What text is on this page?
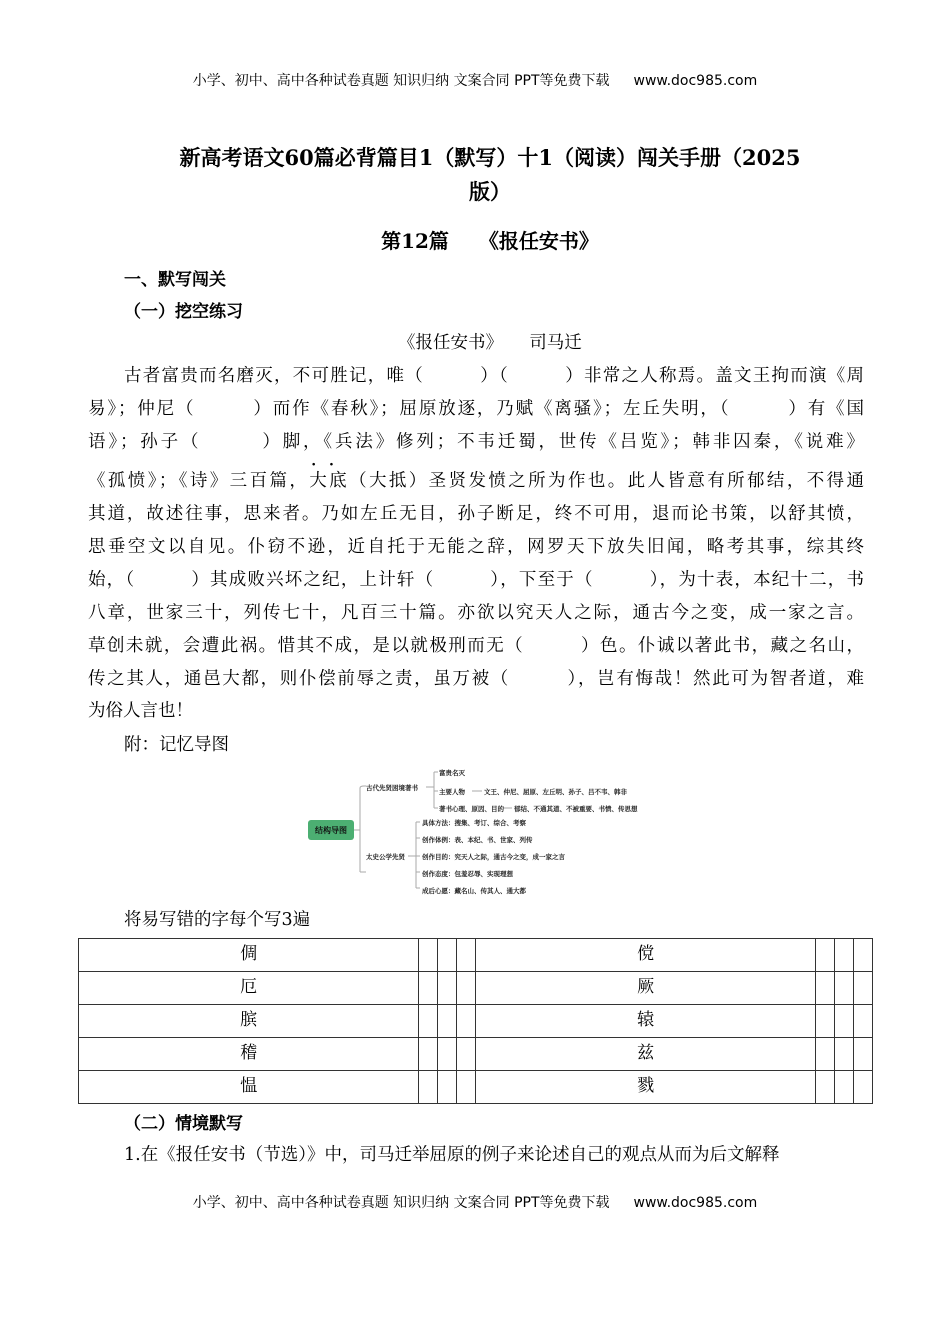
小学、初中、高中各种试卷真题 知识归纳 文案合同 PPT等免费下载 www.doc985.com
新高考语文60篇必背篇目1（默写）十1（阅读）闯关手册（2025
版）
第12篇　　《报任安书》
一、默写闯关
（一）挖空练习
《报任安书》　　司马迁
古者富贵而名磨灭，不可胜记，唯（　　　）（　　　）非常之人称焉。盖文王拘而演《周
易》；仲尼（　　　）而作《春秋》；屈原放逐，乃赋《离骚》；左丘失明，（　　　）有《国
语》；孙子（　　　）脚，《兵法》修列；不韦迁蜀，世传《吕览》；韩非囚秦，《说难》
《孤愤》；《诗》三百篇，· · 大底（大抵）圣贤发愤之所为作也。此人皆意有所郁结，不得通
其道，故述往事，思来者。乃如左丘无目，孙子断足，终不可用，退而论书策，以舒其愤，
思垂空文以自见。仆窃不逊，近自托于无能之辞，网罗天下放失旧闻，略考其事，综其终
始，（　　　）其成败兴坏之纪，上计轩（　　　），下至于（　　　），为十表，本纪十二，书
八章，世家三十，列传七十，凡百三十篇。亦欲以究天人之际，通古今之变，成一家之言。
草创未就，会遭此祸。惜其不成，是以就极刑而无（　　　）色。仆诚以著此书，藏之名山，
传之其人，通邑大都，则仆偿前辱之责，虽万被（　　　），岂有悔哉！然此可为智者道，难
为俗人言也！
附：记忆导图
结构导图
古代先贤困境著书
富贵名灭
主要人物
著书心理、原因、目的
文王、仲尼、屈原、左丘明、孙子、吕不韦、韩非
郁结、不通其道、不被重要、书愤、传思想
太史公学先贤
具体方法：搜集、考订、综合、考察
创作体例：表、本纪、书、世家、列传
创作目的：究天人之际，通古今之变，成一家之言
创作态度：包羞忍辱、实现理想
成后心愿：藏名山、传其人、通大都
将易写错的字每个写3遍
倜				傥			
厄				厥			
膑				辕			
稽				兹			
愠				戮			
（二）情境默写
1.在《报任安书（节选）》中，司马迁举屈原的例子来论述自己的观点从而为后文解释
小学、初中、高中各种试卷真题 知识归纳 文案合同 PPT等免费下载 www.doc985.com
